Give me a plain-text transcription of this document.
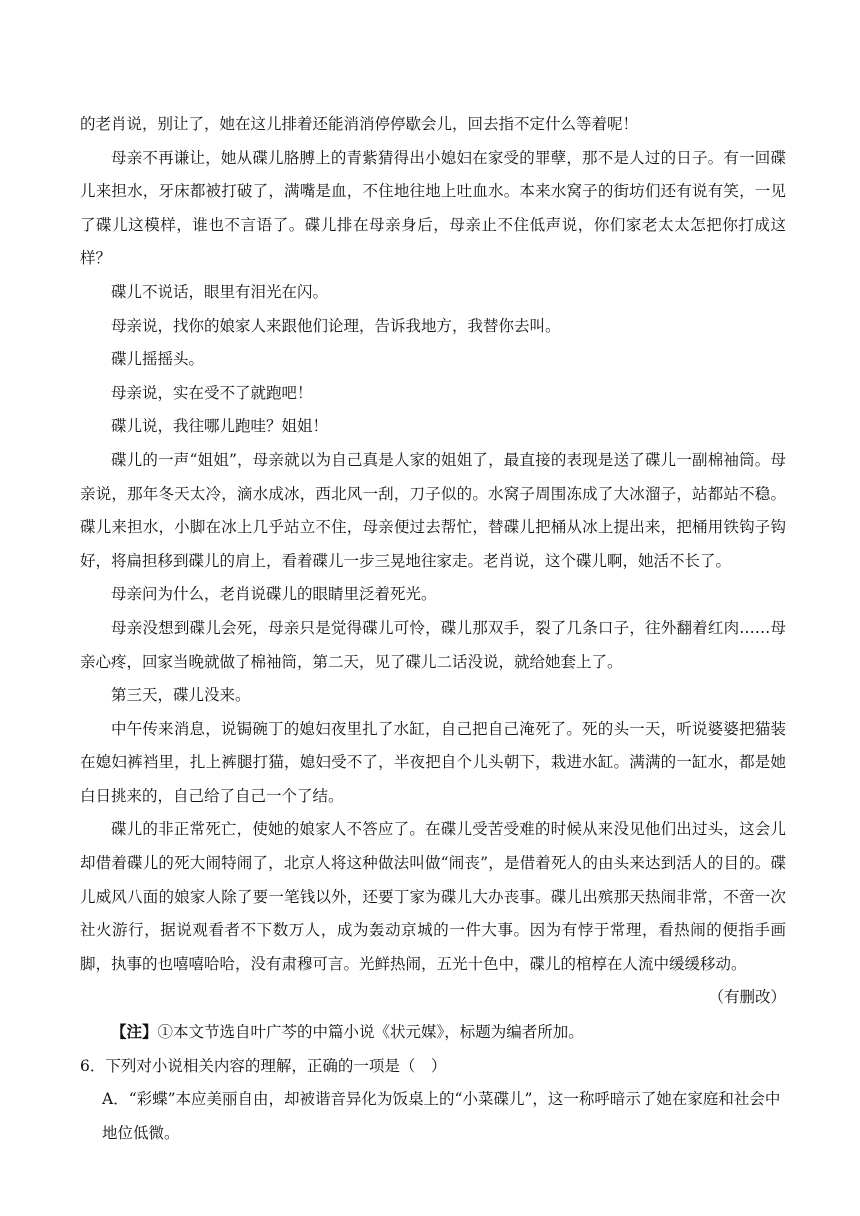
的老肖说，别让了，她在这儿排着还能消消停停歇会儿，回去指不定什么等着呢！

母亲不再谦让，她从碟儿胳膊上的青紫猜得出小媳妇在家受的罪孽，那不是人过的日子。有一回碟儿来担水，牙床都被打破了，满嘴是血，不住地往地上吐血水。本来水窝子的街坊们还有说有笑，一见了碟儿这模样，谁也不言语了。碟儿排在母亲身后，母亲止不住低声说，你们家老太太怎把你打成这样？

碟儿不说话，眼里有泪光在闪。

母亲说，找你的娘家人来跟他们论理，告诉我地方，我替你去叫。

碟儿摇摇头。

母亲说，实在受不了就跑吧！

碟儿说，我往哪儿跑哇？姐姐！

碟儿的一声“姐姐”，母亲就以为自己真是人家的姐姐了，最直接的表现是送了碟儿一副棉袖筒。母亲说，那年冬天太冷，滴水成冰，西北风一刮，刀子似的。水窝子周围冻成了大冰溜子，站都站不稳。碟儿来担水，小脚在冰上几乎站立不住，母亲便过去帮忙，替碟儿把桶从冰上提出来，把桶用铁钩子钩好，将扁担移到碟儿的肩上，看着碟儿一步三晃地往家走。老肖说，这个碟儿啊，她活不长了。

母亲问为什么，老肖说碟儿的眼睛里泛着死光。

母亲没想到碟儿会死，母亲只是觉得碟儿可怜，碟儿那双手，裂了几条口子，往外翻着红肉……母亲心疼，回家当晚就做了棉袖筒，第二天，见了碟儿二话没说，就给她套上了。

第三天，碟儿没来。

中午传来消息，说锔碗丁的媳妇夜里扎了水缸，自己把自己淹死了。死的头一天，听说婆婆把猫装在媳妇裤裆里，扎上裤腿打猫，媳妇受不了，半夜把自个儿头朝下，栽进水缸。满满的一缸水，都是她白日挑来的，自己给了自己一个了结。

碟儿的非正常死亡，使她的娘家人不答应了。在碟儿受苦受难的时候从来没见他们出过头，这会儿却借着碟儿的死大闹特闹了，北京人将这种做法叫做“闹丧”，是借着死人的由头来达到活人的目的。碟儿威风八面的娘家人除了要一笔钱以外，还要丁家为碟儿大办丧事。碟儿出殡那天热闹非常，不啻一次社火游行，据说观看者不下数万人，成为轰动京城的一件大事。因为有悖于常理，看热闹的便指手画脚，执事的也嘻嘻哈哈，没有肃穆可言。光鲜热闹，五光十色中，碟儿的棺椁在人流中缓缓移动。

（有删改）

【注】①本文节选自叶广芩的中篇小说《状元媒》，标题为编者所加。

6．下列对小说相关内容的理解，正确的一项是（　）

A．“彩蝶”本应美丽自由，却被谐音异化为饭桌上的“小菜碟儿”，这一称呼暗示了她在家庭和社会中地位低微。
